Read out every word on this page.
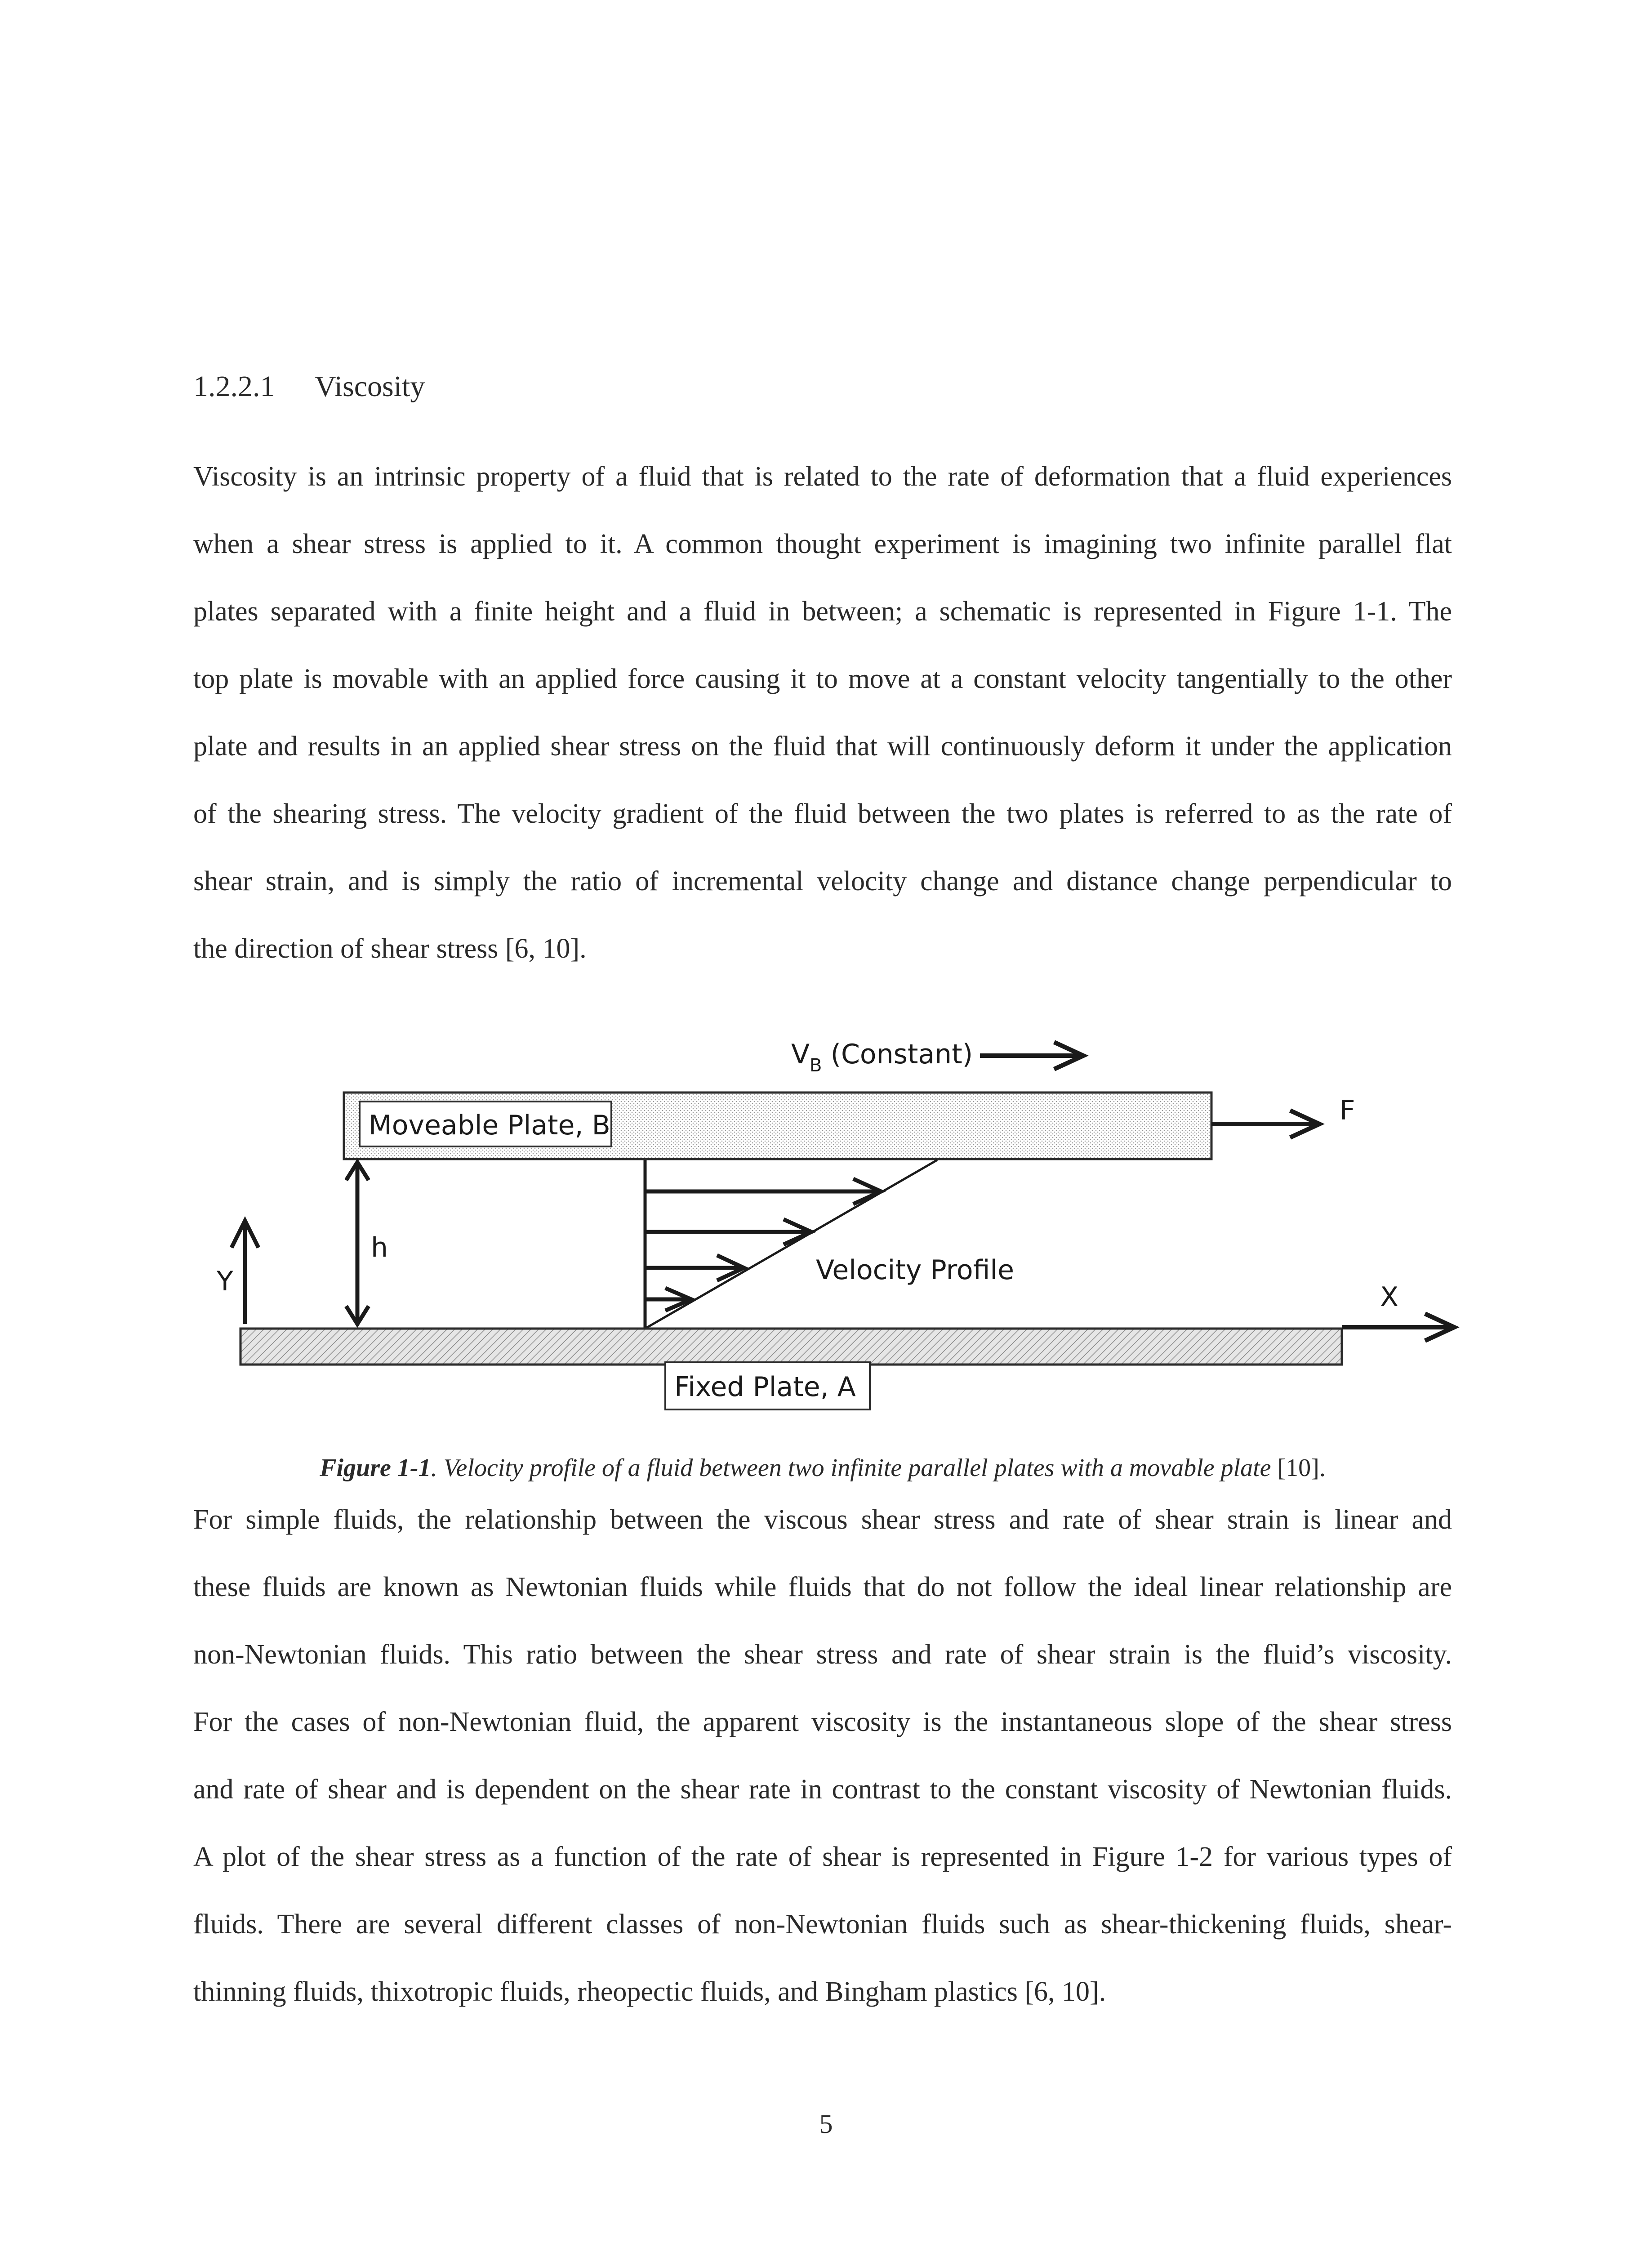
1.2.2.1 Viscosity
Viscosity is an intrinsic property of a fluid that is related to the rate of deformation that a fluid experiences
when a shear stress is applied to it. A common thought experiment is imagining two infinite parallel flat
plates separated with a finite height and a fluid in between; a schematic is represented in Figure 1-1. The
top plate is movable with an applied force causing it to move at a constant velocity tangentially to the other
plate and results in an applied shear stress on the fluid that will continuously deform it under the application
of the shearing stress. The velocity gradient of the fluid between the two plates is referred to as the rate of
shear strain, and is simply the ratio of incremental velocity change and distance change perpendicular to
the direction of shear stress [6, 10].
$V_B$ (Constant)
Moveable Plate, B	F
h
Y	Velocity Profile
Fixed Plate, A
X
Figure 1-1. Velocity profile of a fluid between two infinite parallel plates with a movable plate [10].
For simple fluids, the relationship between the viscous shear stress and rate of shear strain is linear and
these fluids are known as Newtonian fluids while fluids that do not follow the ideal linear relationship are
non-Newtonian fluids. This ratio between the shear stress and rate of shear strain is the fluid’s viscosity.
For the cases of non-Newtonian fluid, the apparent viscosity is the instantaneous slope of the shear stress
and rate of shear and is dependent on the shear rate in contrast to the constant viscosity of Newtonian fluids.
A plot of the shear stress as a function of the rate of shear is represented in Figure 1-2 for various types of
fluids. There are several different classes of non-Newtonian fluids such as shear-thickening fluids, shear-
thinning fluids, thixotropic fluids, rheopectic fluids, and Bingham plastics [6, 10].
5
